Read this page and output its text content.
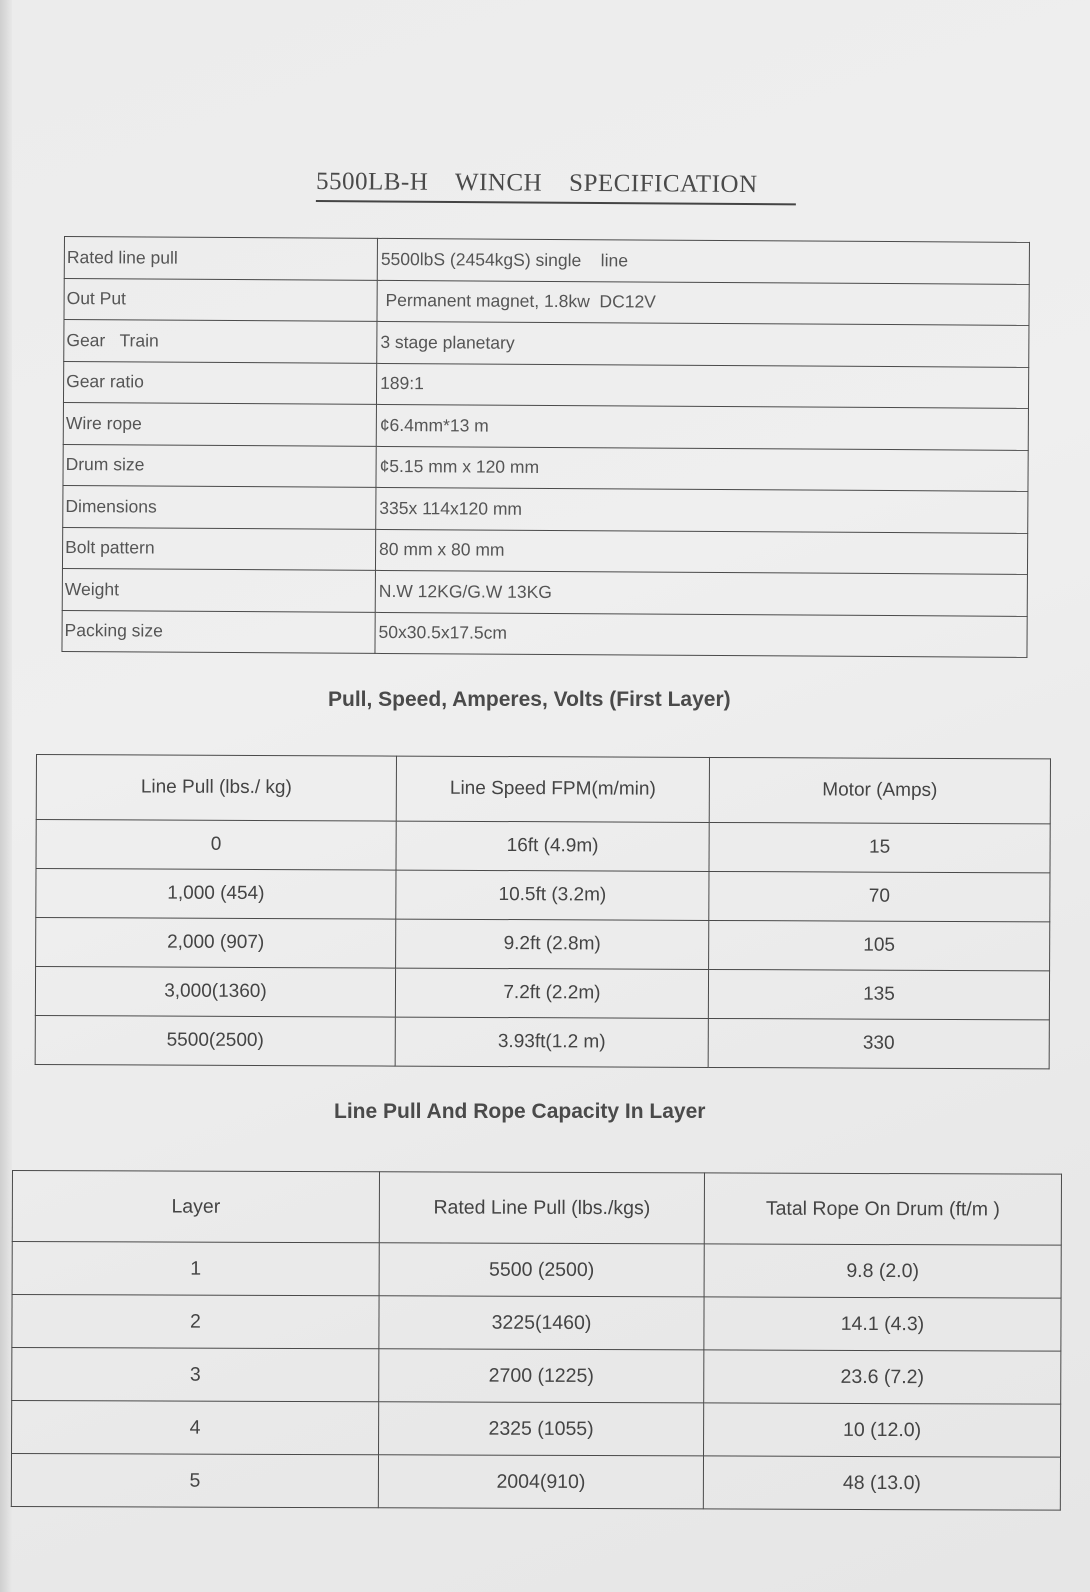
5500LB-H    WINCH    SPECIFICATION
Rated line pull	5500lbS (2454kgS) single    line
Out Put	Permanent magnet, 1.8kw  DC12V
Gear   Train	3 stage planetary
Gear ratio	189:1
Wire rope	¢6.4mm*13 m
Drum size	¢5.15 mm x 120 mm
Dimensions	335x 114x120 mm
Bolt pattern	80 mm x 80 mm
Weight	N.W 12KG/G.W 13KG
Packing size	50x30.5x17.5cm
Pull, Speed, Amperes, Volts (First Layer)
Line Pull (lbs./ kg)	Line Speed FPM(m/min)	Motor (Amps)
0	16ft (4.9m)	15
1,000 (454)	10.5ft (3.2m)	70
2,000 (907)	9.2ft (2.8m)	105
3,000(1360)	7.2ft (2.2m)	135
5500(2500)	3.93ft(1.2 m)	330
Line Pull And Rope Capacity In Layer
Layer	Rated Line Pull (lbs./kgs)	Tatal Rope On Drum (ft/m )
1	5500 (2500)	9.8 (2.0)
2	3225(1460)	14.1 (4.3)
3	2700 (1225)	23.6 (7.2)
4	2325 (1055)	10 (12.0)
5	2004(910)	48 (13.0)
